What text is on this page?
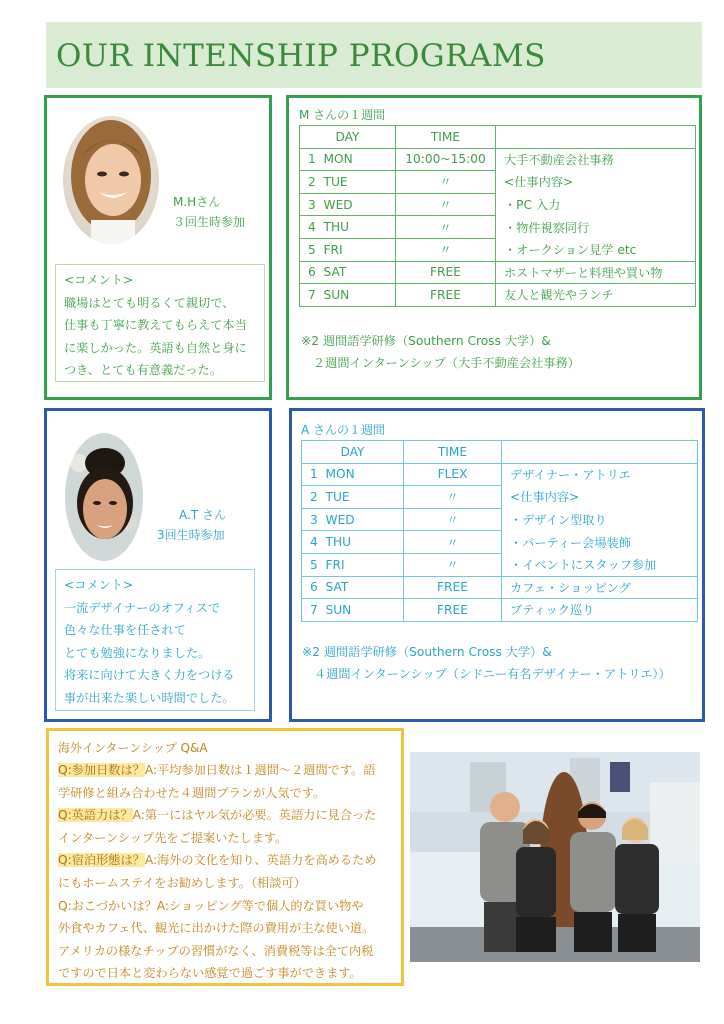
OUR INTENSHIP PROGRAMS
M.Hさん
３回生時参加

<コメント>

職場はとても明るくて親切で、

仕事も丁寧に教えてもらえて本当

に楽しかった。英語も自然と身に

つき、とても有意義だった。

M さんの１週間
DAY	TIME	
1 MON	10:00~15:00	大手不動産会社事務
2 TUE	〃	<仕事内容>
3 WED	〃	・PC 入力
4 THU	〃	・物件視察同行
5 FRI	〃	・オークション見学 etc
6 SAT	FREE	ホストマザーと料理や買い物
7 SUN	FREE	友人と観光やランチ

※2 週間語学研修（Southern Cross 大学）&

２週間インターンシップ（大手不動産会社事務）

A.T さん
3回生時参加

<コメント>

一流デザイナーのオフィスで

色々な仕事を任されて

とても勉強になりました。

将来に向けて大きく力をつける

事が出来た楽しい時間でした。

A さんの１週間
DAY	TIME	
1 MON	FLEX	デザイナー・アトリエ
2 TUE	〃	<仕事内容>
3 WED	〃	・デザイン型取り
4 THU	〃	・パーティー会場装飾
5 FRI	〃	・イベントにスタッフ参加
6 SAT	FREE	カフェ・ショッピング
7 SUN	FREE	ブティック巡り

※2 週間語学研修（Southern Cross 大学）&

４週間インターンシップ（シドニー有名デザイナー・アトリエ））

海外インターンシップ Q&A

Q:参加日数は？A:平均参加日数は１週間～２週間です。語

学研修と組み合わせた４週間プランが人気です。

Q:英語力は？A:第一にはヤル気が必要。英語力に見合った

インターンシップ先をご提案いたします。

Q:宿泊形態は？A:海外の文化を知り、英語力を高めるため

にもホームステイをお勧めします。（相談可）

Q:おこづかいは？A:ショッピング等で個人的な買い物や

外食やカフェ代、観光に出かけた際の費用が主な使い道。

アメリカの様なチップの習慣がなく、消費税等は全て内税

ですので日本と変わらない感覚で過ごす事ができます。
